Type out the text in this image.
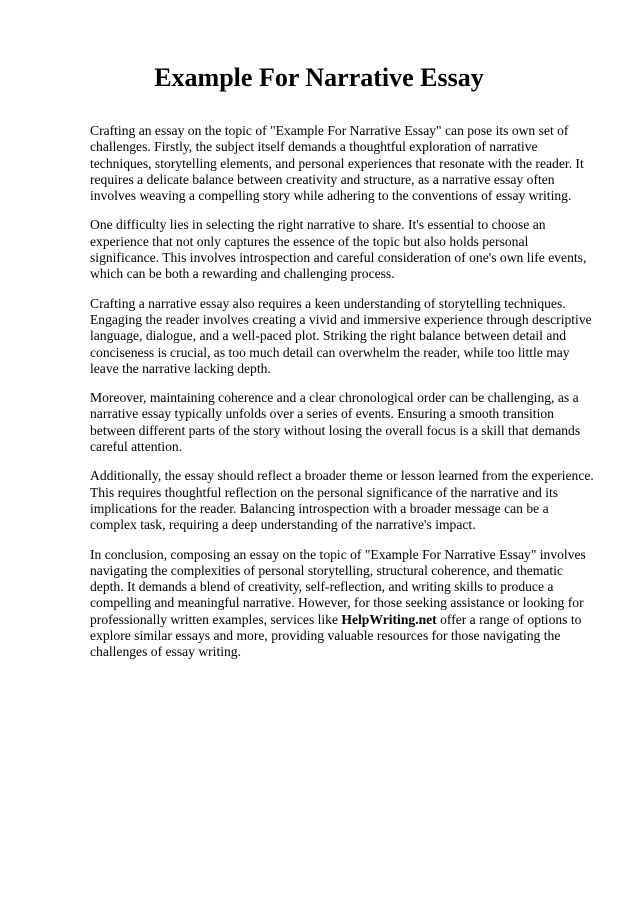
Example For Narrative Essay

Crafting an essay on the topic of "Example For Narrative Essay" can pose its own set of challenges. Firstly, the subject itself demands a thoughtful exploration of narrative techniques, storytelling elements, and personal experiences that resonate with the reader. It requires a delicate balance between creativity and structure, as a narrative essay often involves weaving a compelling story while adhering to the conventions of essay writing.

One difficulty lies in selecting the right narrative to share. It's essential to choose an experience that not only captures the essence of the topic but also holds personal significance. This involves introspection and careful consideration of one's own life events, which can be both a rewarding and challenging process.

Crafting a narrative essay also requires a keen understanding of storytelling techniques. Engaging the reader involves creating a vivid and immersive experience through descriptive language, dialogue, and a well-paced plot. Striking the right balance between detail and conciseness is crucial, as too much detail can overwhelm the reader, while too little may leave the narrative lacking depth.

Moreover, maintaining coherence and a clear chronological order can be challenging, as a narrative essay typically unfolds over a series of events. Ensuring a smooth transition between different parts of the story without losing the overall focus is a skill that demands careful attention.

Additionally, the essay should reflect a broader theme or lesson learned from the experience. This requires thoughtful reflection on the personal significance of the narrative and its implications for the reader. Balancing introspection with a broader message can be a complex task, requiring a deep understanding of the narrative's impact.

In conclusion, composing an essay on the topic of "Example For Narrative Essay" involves navigating the complexities of personal storytelling, structural coherence, and thematic depth. It demands a blend of creativity, self-reflection, and writing skills to produce a compelling and meaningful narrative. However, for those seeking assistance or looking for professionally written examples, services like HelpWriting.net offer a range of options to explore similar essays and more, providing valuable resources for those navigating the challenges of essay writing.
